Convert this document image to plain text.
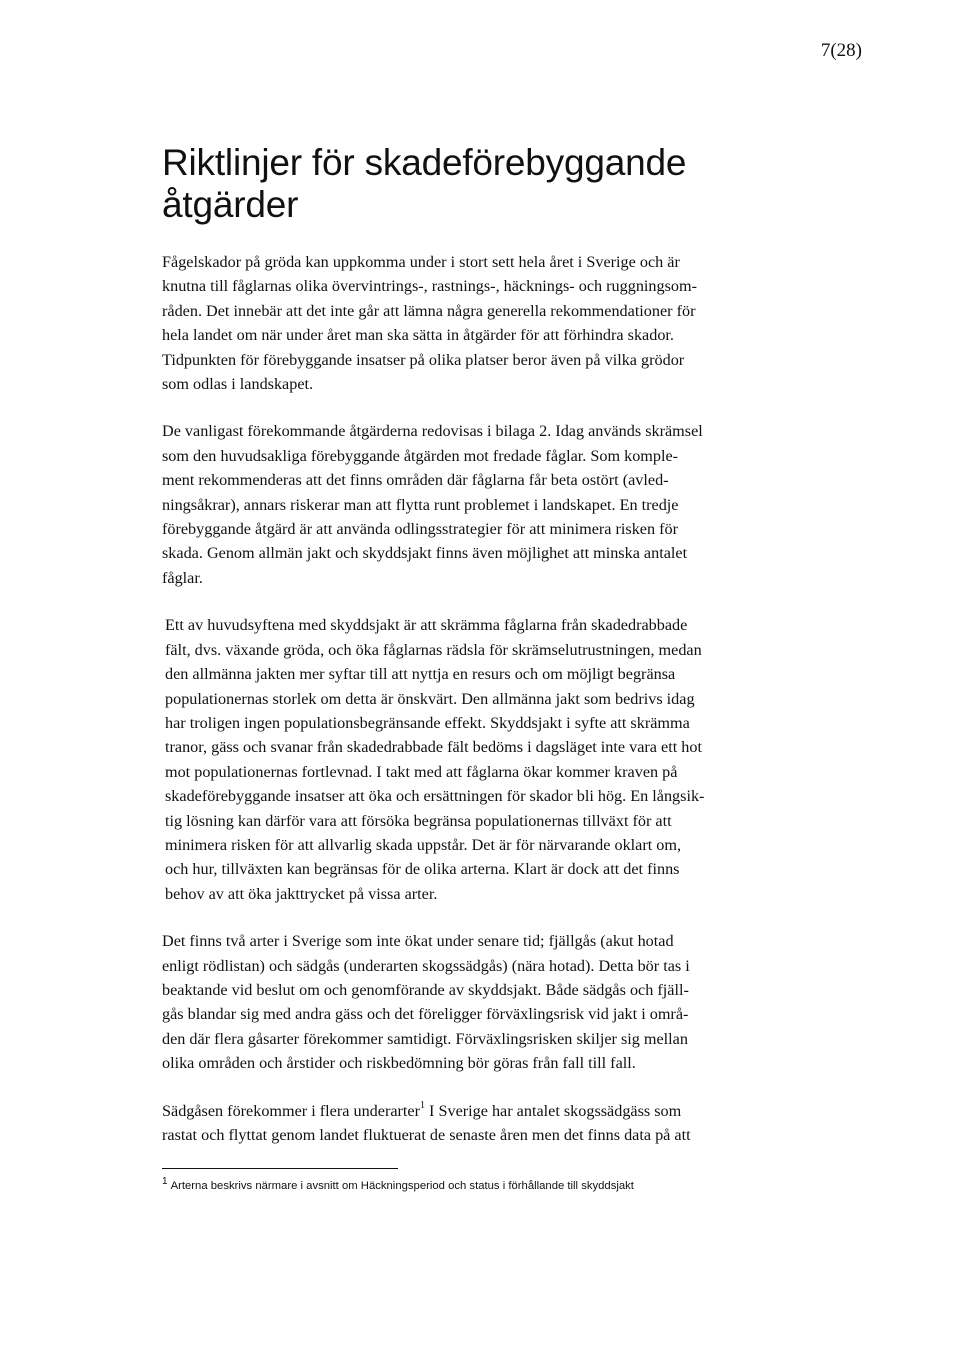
7(28)

Riktlinjer för skadeförebyggande
åtgärder

Fågelskador på gröda kan uppkomma under i stort sett hela året i Sverige och är
knutna till fåglarnas olika övervintrings-, rastnings-, häcknings- och ruggningsom-
råden. Det innebär att det inte går att lämna några generella rekommendationer för
hela landet om när under året man ska sätta in åtgärder för att förhindra skador.
Tidpunkten för förebyggande insatser på olika platser beror även på vilka grödor
som odlas i landskapet.

De vanligast förekommande åtgärderna redovisas i bilaga 2. Idag används skrämsel
som den huvudsakliga förebyggande åtgärden mot fredade fåglar. Som komple-
ment rekommenderas att det finns områden där fåglarna får beta ostört (avled-
ningsåkrar), annars riskerar man att flytta runt problemet i landskapet. En tredje
förebyggande åtgärd är att använda odlingsstrategier för att minimera risken för
skada. Genom allmän jakt och skyddsjakt finns även möjlighet att minska antalet
fåglar.

Ett av huvudsyftena med skyddsjakt är att skrämma fåglarna från skadedrabbade
fält, dvs. växande gröda, och öka fåglarnas rädsla för skrämselutrustningen, medan
den allmänna jakten mer syftar till att nyttja en resurs och om möjligt begränsa
populationernas storlek om detta är önskvärt. Den allmänna jakt som bedrivs idag
har troligen ingen populationsbegränsande effekt. Skyddsjakt i syfte att skrämma
tranor, gäss och svanar från skadedrabbade fält bedöms i dagsläget inte vara ett hot
mot populationernas fortlevnad. I takt med att fåglarna ökar kommer kraven på
skadeförebyggande insatser att öka och ersättningen för skador bli hög. En långsik-
tig lösning kan därför vara att försöka begränsa populationernas tillväxt för att
minimera risken för att allvarlig skada uppstår. Det är för närvarande oklart om,
och hur, tillväxten kan begränsas för de olika arterna. Klart är dock att det finns
behov av att öka jakttrycket på vissa arter.

Det finns två arter i Sverige som inte ökat under senare tid; fjällgås (akut hotad
enligt rödlistan) och sädgås (underarten skogssädgås) (nära hotad). Detta bör tas i
beaktande vid beslut om och genomförande av skyddsjakt. Både sädgås och fjäll-
gås blandar sig med andra gäss och det föreligger förväxlingsrisk vid jakt i områ-
den där flera gåsarter förekommer samtidigt. Förväxlingsrisken skiljer sig mellan
olika områden och årstider och riskbedömning bör göras från fall till fall.

Sädgåsen förekommer i flera underarter$^1$ I Sverige har antalet skogssädgäss som
rastat och flyttat genom landet fluktuerat de senaste åren men det finns data på att

1 Arterna beskrivs närmare i avsnitt om Häckningsperiod och status i förhållande till skyddsjakt
